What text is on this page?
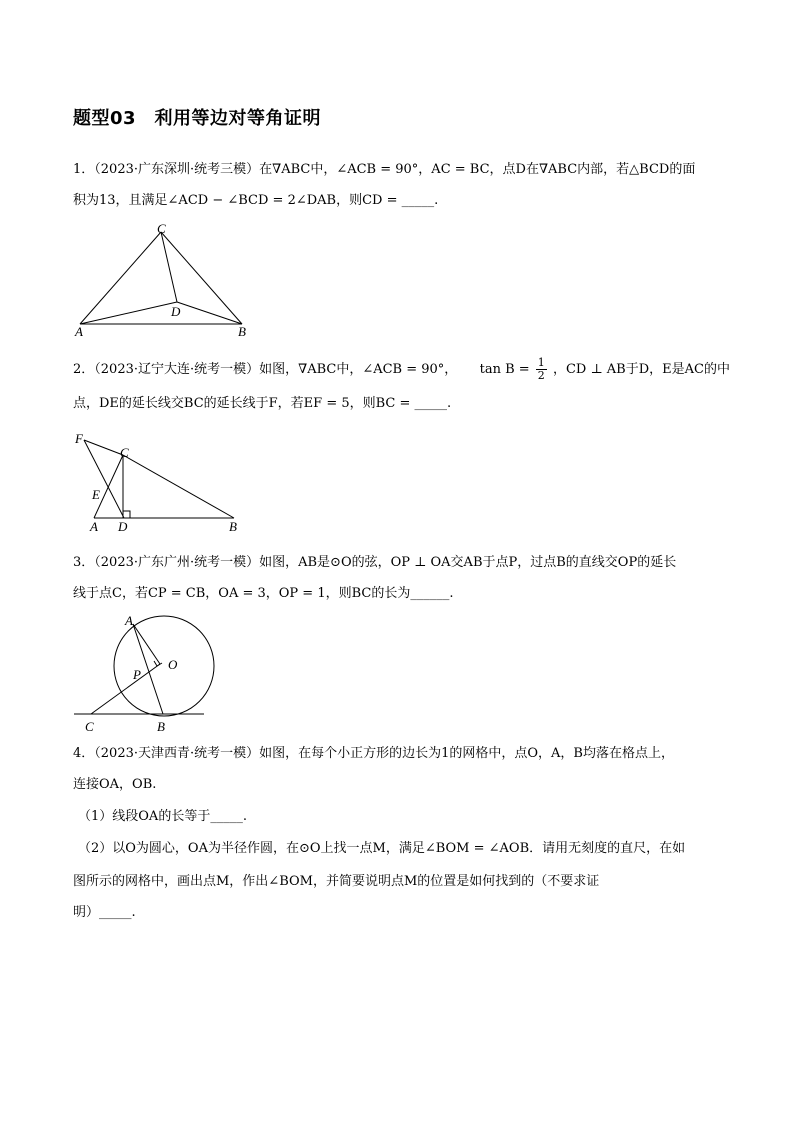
题型03　利用等边对等角证明
1．（2023·广东深圳·统考三模）在∇ABC中，∠ACB = 90°，AC = BC，点D在∇ABC内部，若△BCD的面
积为13，且满足∠ACD − ∠BCD = 2∠DAB，则CD = _____.
C
D
A	B
2．（2023·辽宁大连·统考一模）如图，∇ABC中，∠ACB = 90°， $\tan B = \frac{1}{2}$ ，CD ⊥ AB于D，E是AC的中
点，DE的延长线交BC的延长线于F，若EF = 5，则BC = _____.
F
C
E
A D	B
3．（2023·广东广州·统考一模）如图，AB是⊙O的弦，OP ⊥ OA交AB于点P，过点B的直线交OP的延长
线于点C，若CP = CB，OA = 3，OP = 1，则BC的长为______.
A
O
P
C	B
4．（2023·天津西青·统考一模）如图，在每个小正方形的边长为1的网格中，点O，A，B均落在格点上，
连接OA，OB.
（1）线段OA的长等于_____.
（2）以O为圆心，OA为半径作圆，在⊙O上找一点M，满足∠BOM = ∠AOB．请用无刻度的直尺，在如
图所示的网格中，画出点M，作出∠BOM，并简要说明点M的位置是如何找到的（不要求证
明）_____.
